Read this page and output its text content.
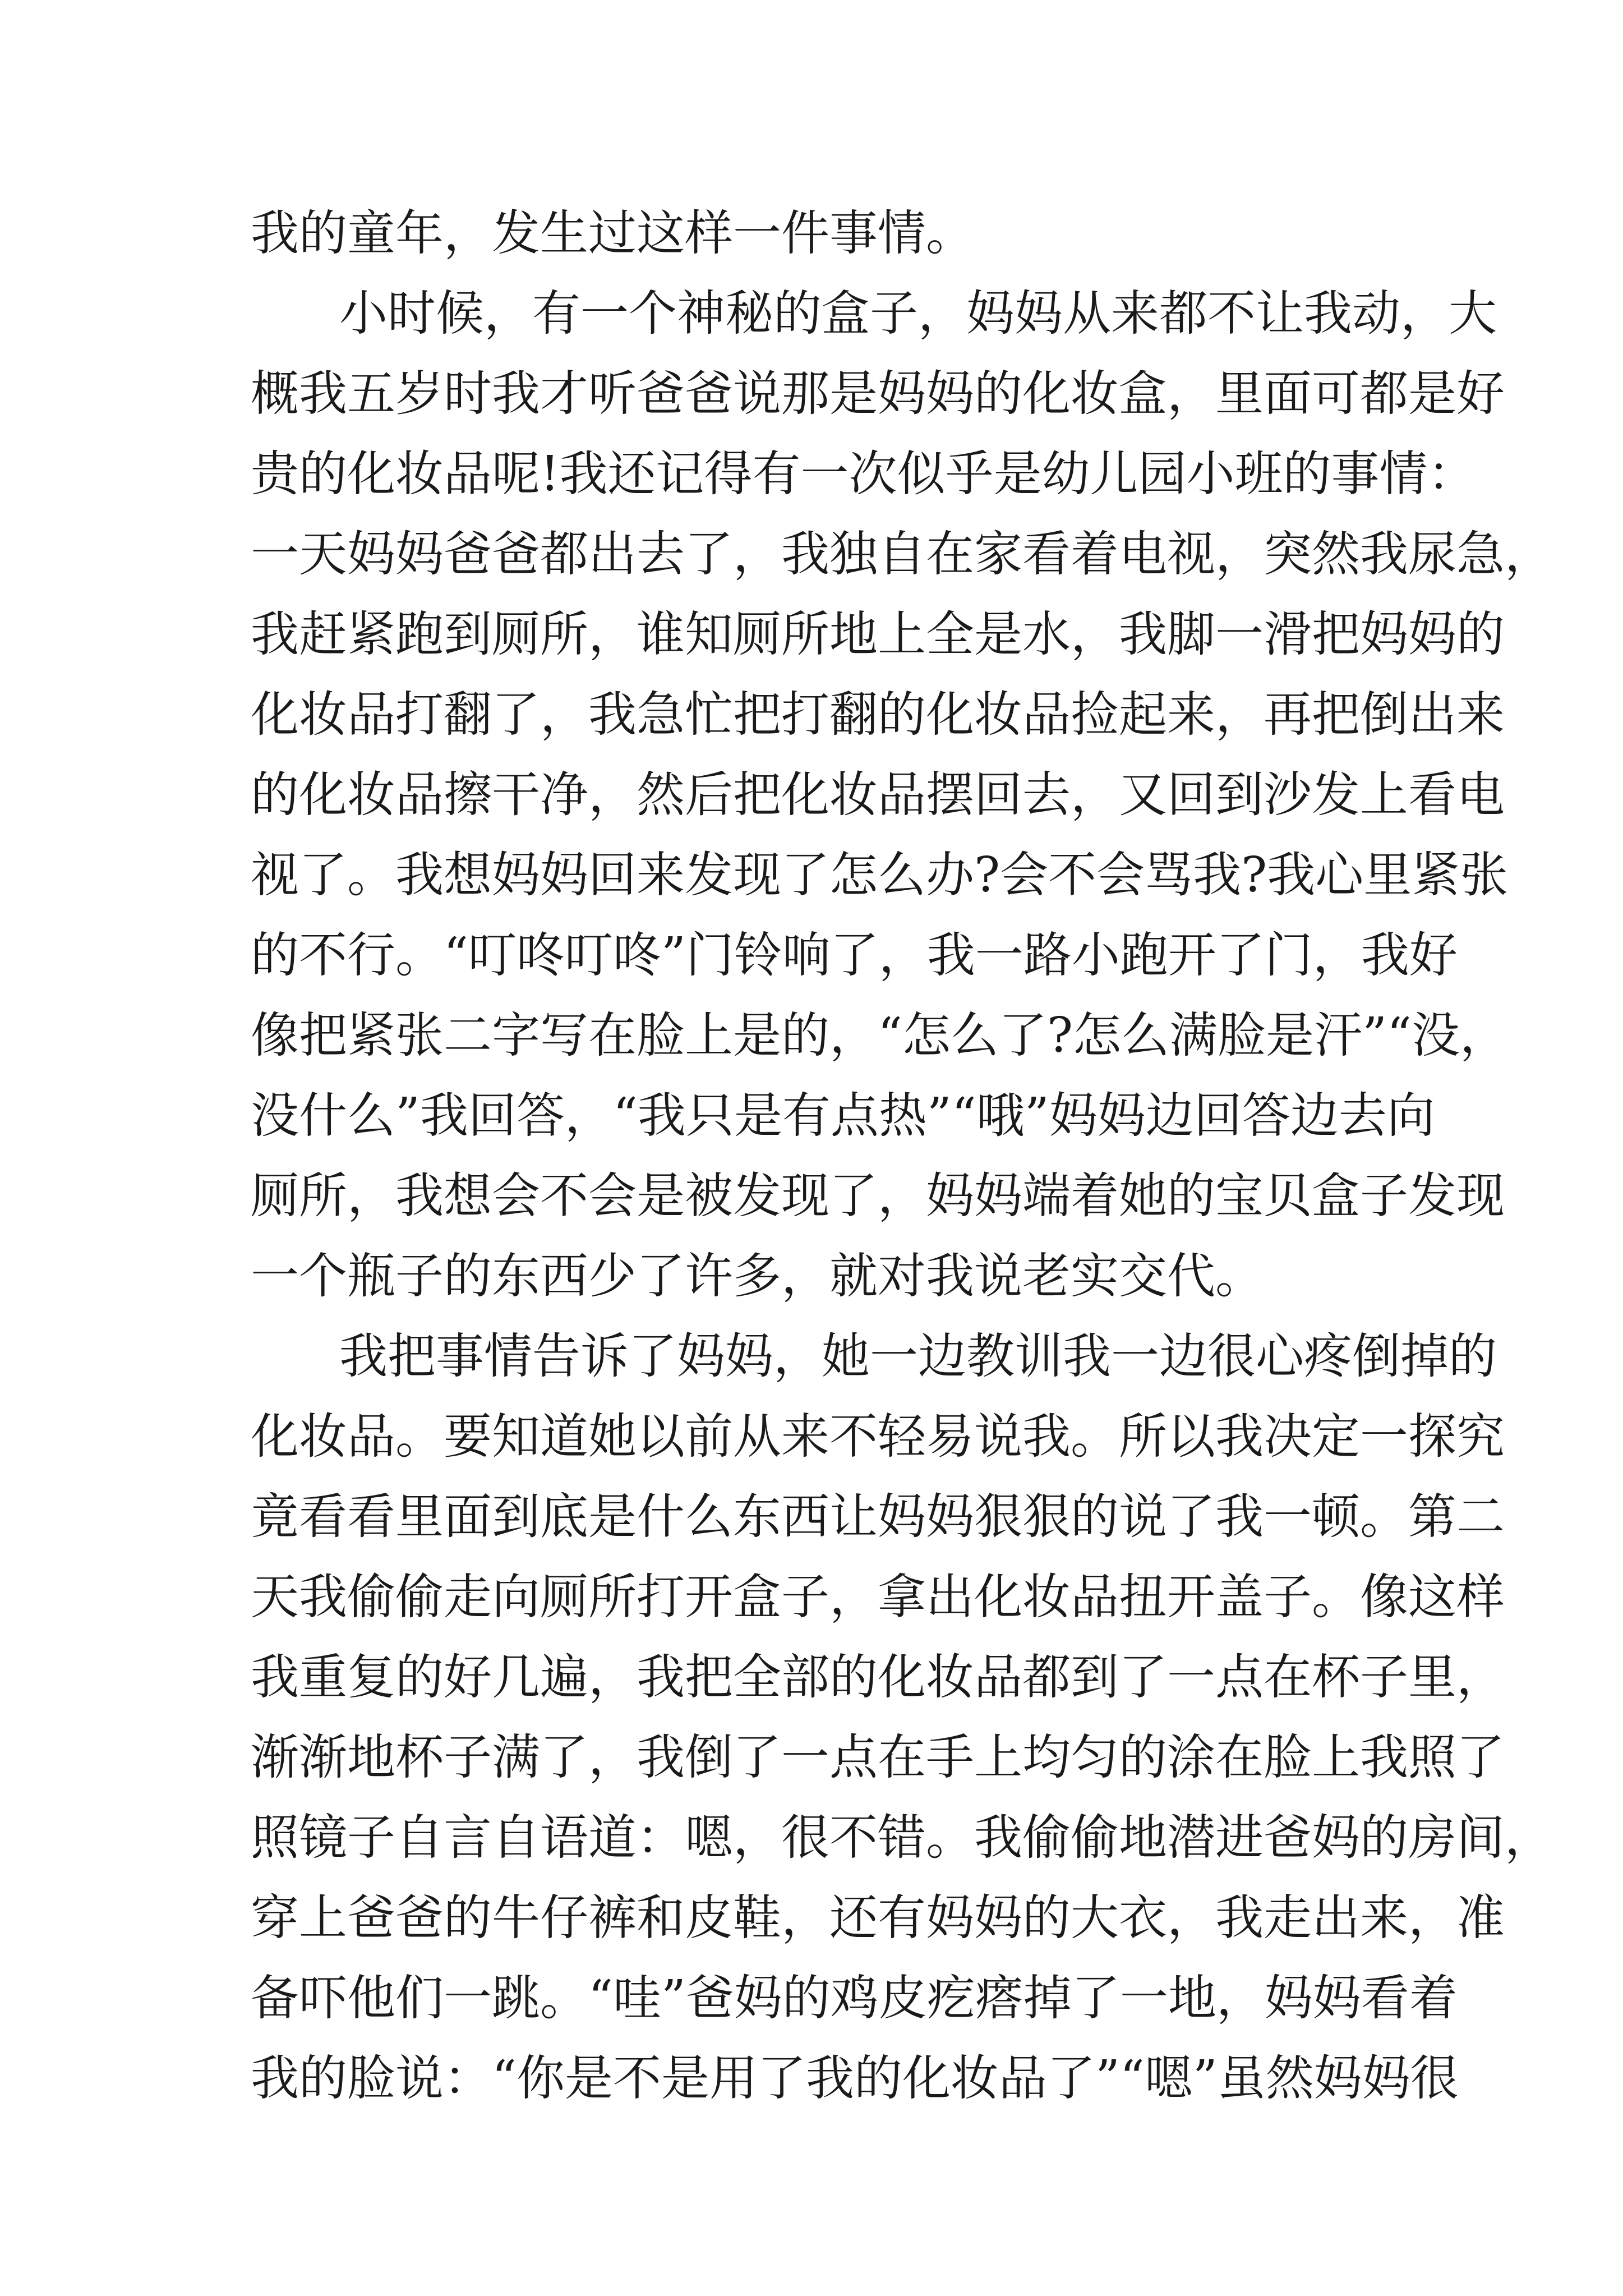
我的童年，发生过这样一件事情。
小时候，有一个神秘的盒子，妈妈从来都不让我动，大
概我五岁时我才听爸爸说那是妈妈的化妆盒，里面可都是好
贵的化妆品呢!我还记得有一次似乎是幼儿园小班的事情：
一天妈妈爸爸都出去了，我独自在家看着电视，突然我尿急，
我赶紧跑到厕所，谁知厕所地上全是水，我脚一滑把妈妈的
化妆品打翻了，我急忙把打翻的化妆品捡起来，再把倒出来
的化妆品擦干净，然后把化妆品摆回去，又回到沙发上看电
视了。我想妈妈回来发现了怎么办?会不会骂我?我心里紧张
的不行。“叮咚叮咚”门铃响了，我一路小跑开了门，我好
像把紧张二字写在脸上是的，“怎么了?怎么满脸是汗”“没，
没什么”我回答，“我只是有点热”“哦”妈妈边回答边去向
厕所，我想会不会是被发现了，妈妈端着她的宝贝盒子发现
一个瓶子的东西少了许多，就对我说老实交代。
我把事情告诉了妈妈，她一边教训我一边很心疼倒掉的
化妆品。要知道她以前从来不轻易说我。所以我决定一探究
竟看看里面到底是什么东西让妈妈狠狠的说了我一顿。第二
天我偷偷走向厕所打开盒子，拿出化妆品扭开盖子。像这样
我重复的好几遍，我把全部的化妆品都到了一点在杯子里，
渐渐地杯子满了，我倒了一点在手上均匀的涂在脸上我照了
照镜子自言自语道：嗯，很不错。我偷偷地潜进爸妈的房间，
穿上爸爸的牛仔裤和皮鞋，还有妈妈的大衣，我走出来，准
备吓他们一跳。“哇”爸妈的鸡皮疙瘩掉了一地，妈妈看着
我的脸说：“你是不是用了我的化妆品了”“嗯”虽然妈妈很
